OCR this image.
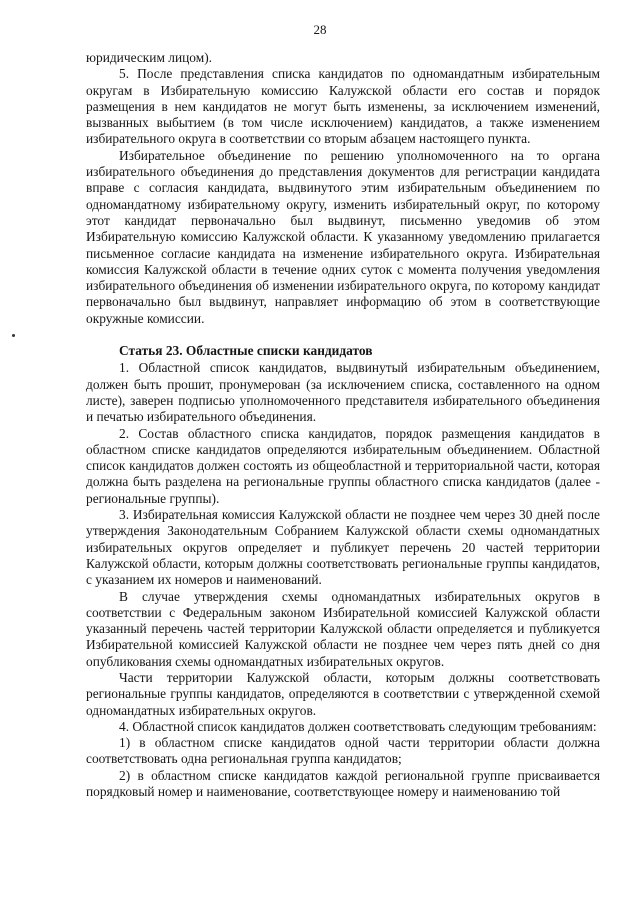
28

юридическим лицом).

5. После представления списка кандидатов по одномандатным избирательным округам в Избирательную комиссию Калужской области его состав и порядок размещения в нем кандидатов не могут быть изменены, за исключением изменений, вызванных выбытием (в том числе исключением) кандидатов, а также изменением избирательного округа в соответствии со вторым абзацем настоящего пункта.

Избирательное объединение по решению уполномоченного на то органа избирательного объединения до представления документов для регистрации кандидата вправе с согласия кандидата, выдвинутого этим избирательным объединением по одномандатному избирательному округу, изменить избирательный округ, по которому этот кандидат первоначально был выдвинут, письменно уведомив об этом Избирательную комиссию Калужской области. К указанному уведомлению прилагается письменное согласие кандидата на изменение избирательного округа. Избирательная комиссия Калужской области в течение одних суток с момента получения уведомления избирательного объединения об изменении избирательного округа, по которому кандидат первоначально был выдвинут, направляет информацию об этом в соответствующие окружные комиссии.

Статья 23. Областные списки кандидатов

1. Областной список кандидатов, выдвинутый избирательным объединением, должен быть прошит, пронумерован (за исключением списка, составленного на одном листе), заверен подписью уполномоченного представителя избирательного объединения и печатью избирательного объединения.

2. Состав областного списка кандидатов, порядок размещения кандидатов в областном списке кандидатов определяются избирательным объединением. Областной список кандидатов должен состоять из общеобластной и территориальной части, которая должна быть разделена на региональные группы областного списка кандидатов (далее - региональные группы).

3. Избирательная комиссия Калужской области не позднее чем через 30 дней после утверждения Законодательным Собранием Калужской области схемы одномандатных избирательных округов определяет и публикует перечень 20 частей территории Калужской области, которым должны соответствовать региональные группы кандидатов, с указанием их номеров и наименований.

В случае утверждения схемы одномандатных избирательных округов в соответствии с Федеральным законом Избирательной комиссией Калужской области указанный перечень частей территории Калужской области определяется и публикуется Избирательной комиссией Калужской области не позднее чем через пять дней со дня опубликования схемы одномандатных избирательных округов.

Части территории Калужской области, которым должны соответствовать региональные группы кандидатов, определяются в соответствии с утвержденной схемой одномандатных избирательных округов.

4. Областной список кандидатов должен соответствовать следующим требованиям:

1) в областном списке кандидатов одной части территории области должна соответствовать одна региональная группа кандидатов;

2) в областном списке кандидатов каждой региональной группе присваивается порядковый номер и наименование, соответствующее номеру и наименованию той
